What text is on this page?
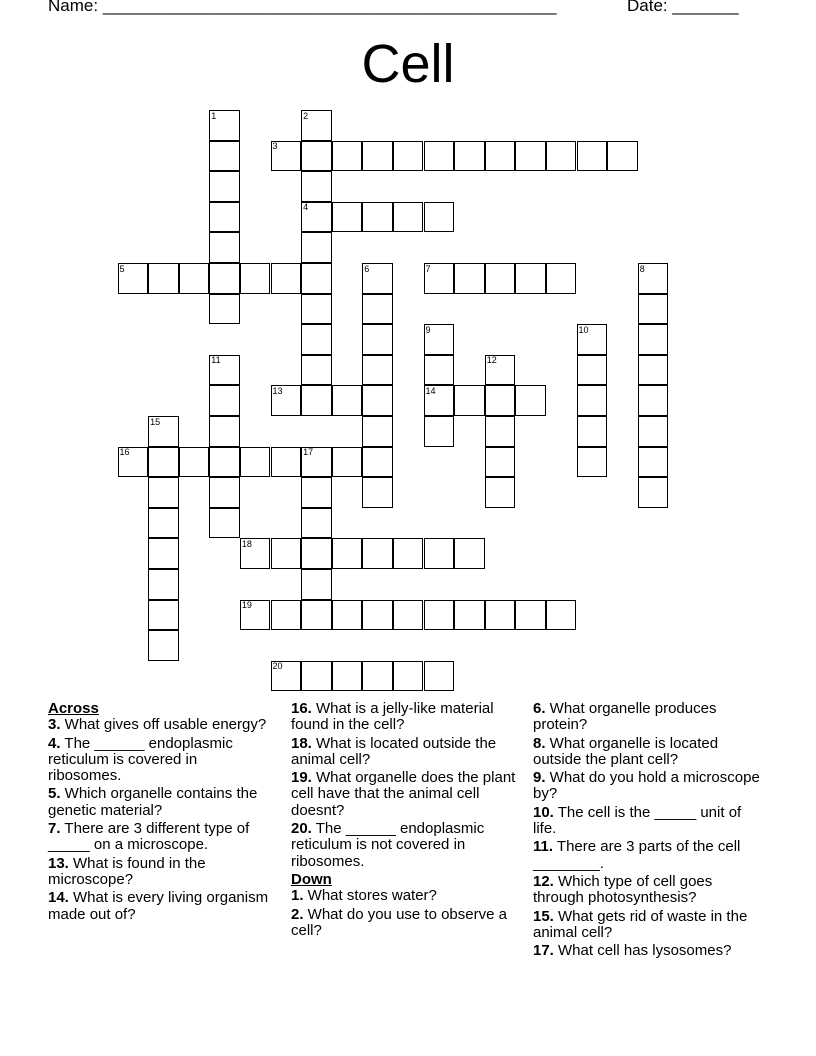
Name: ________________________________________________	Date: _______
Cell
1	2
3
4
5	6	7	8
9	10
11	12
13	14
15
16	17
18
19
20
Across
3. What gives off usable energy?
4. The ______ endoplasmic reticulum is covered in ribosomes.
5. Which organelle contains the genetic material?
7. There are 3 different type of _____ on a microscope.
13. What is found in the microscope?
14. What is every living organism made out of?
16. What is a jelly-like material found in the cell?
18. What is located outside the animal cell?
19. What organelle does the plant cell have that the animal cell doesnt?
20. The ______ endoplasmic reticulum is not covered in ribosomes.
Down
1. What stores water?
2. What do you use to observe a cell?
6. What organelle produces protein?
8. What organelle is located outside the plant cell?
9. What do you hold a microscope by?
10. The cell is the _____ unit of life.
11. There are 3 parts of the cell ________.
12. Which type of cell goes through photosynthesis?
15. What gets rid of waste in the animal cell?
17. What cell has lysosomes?
